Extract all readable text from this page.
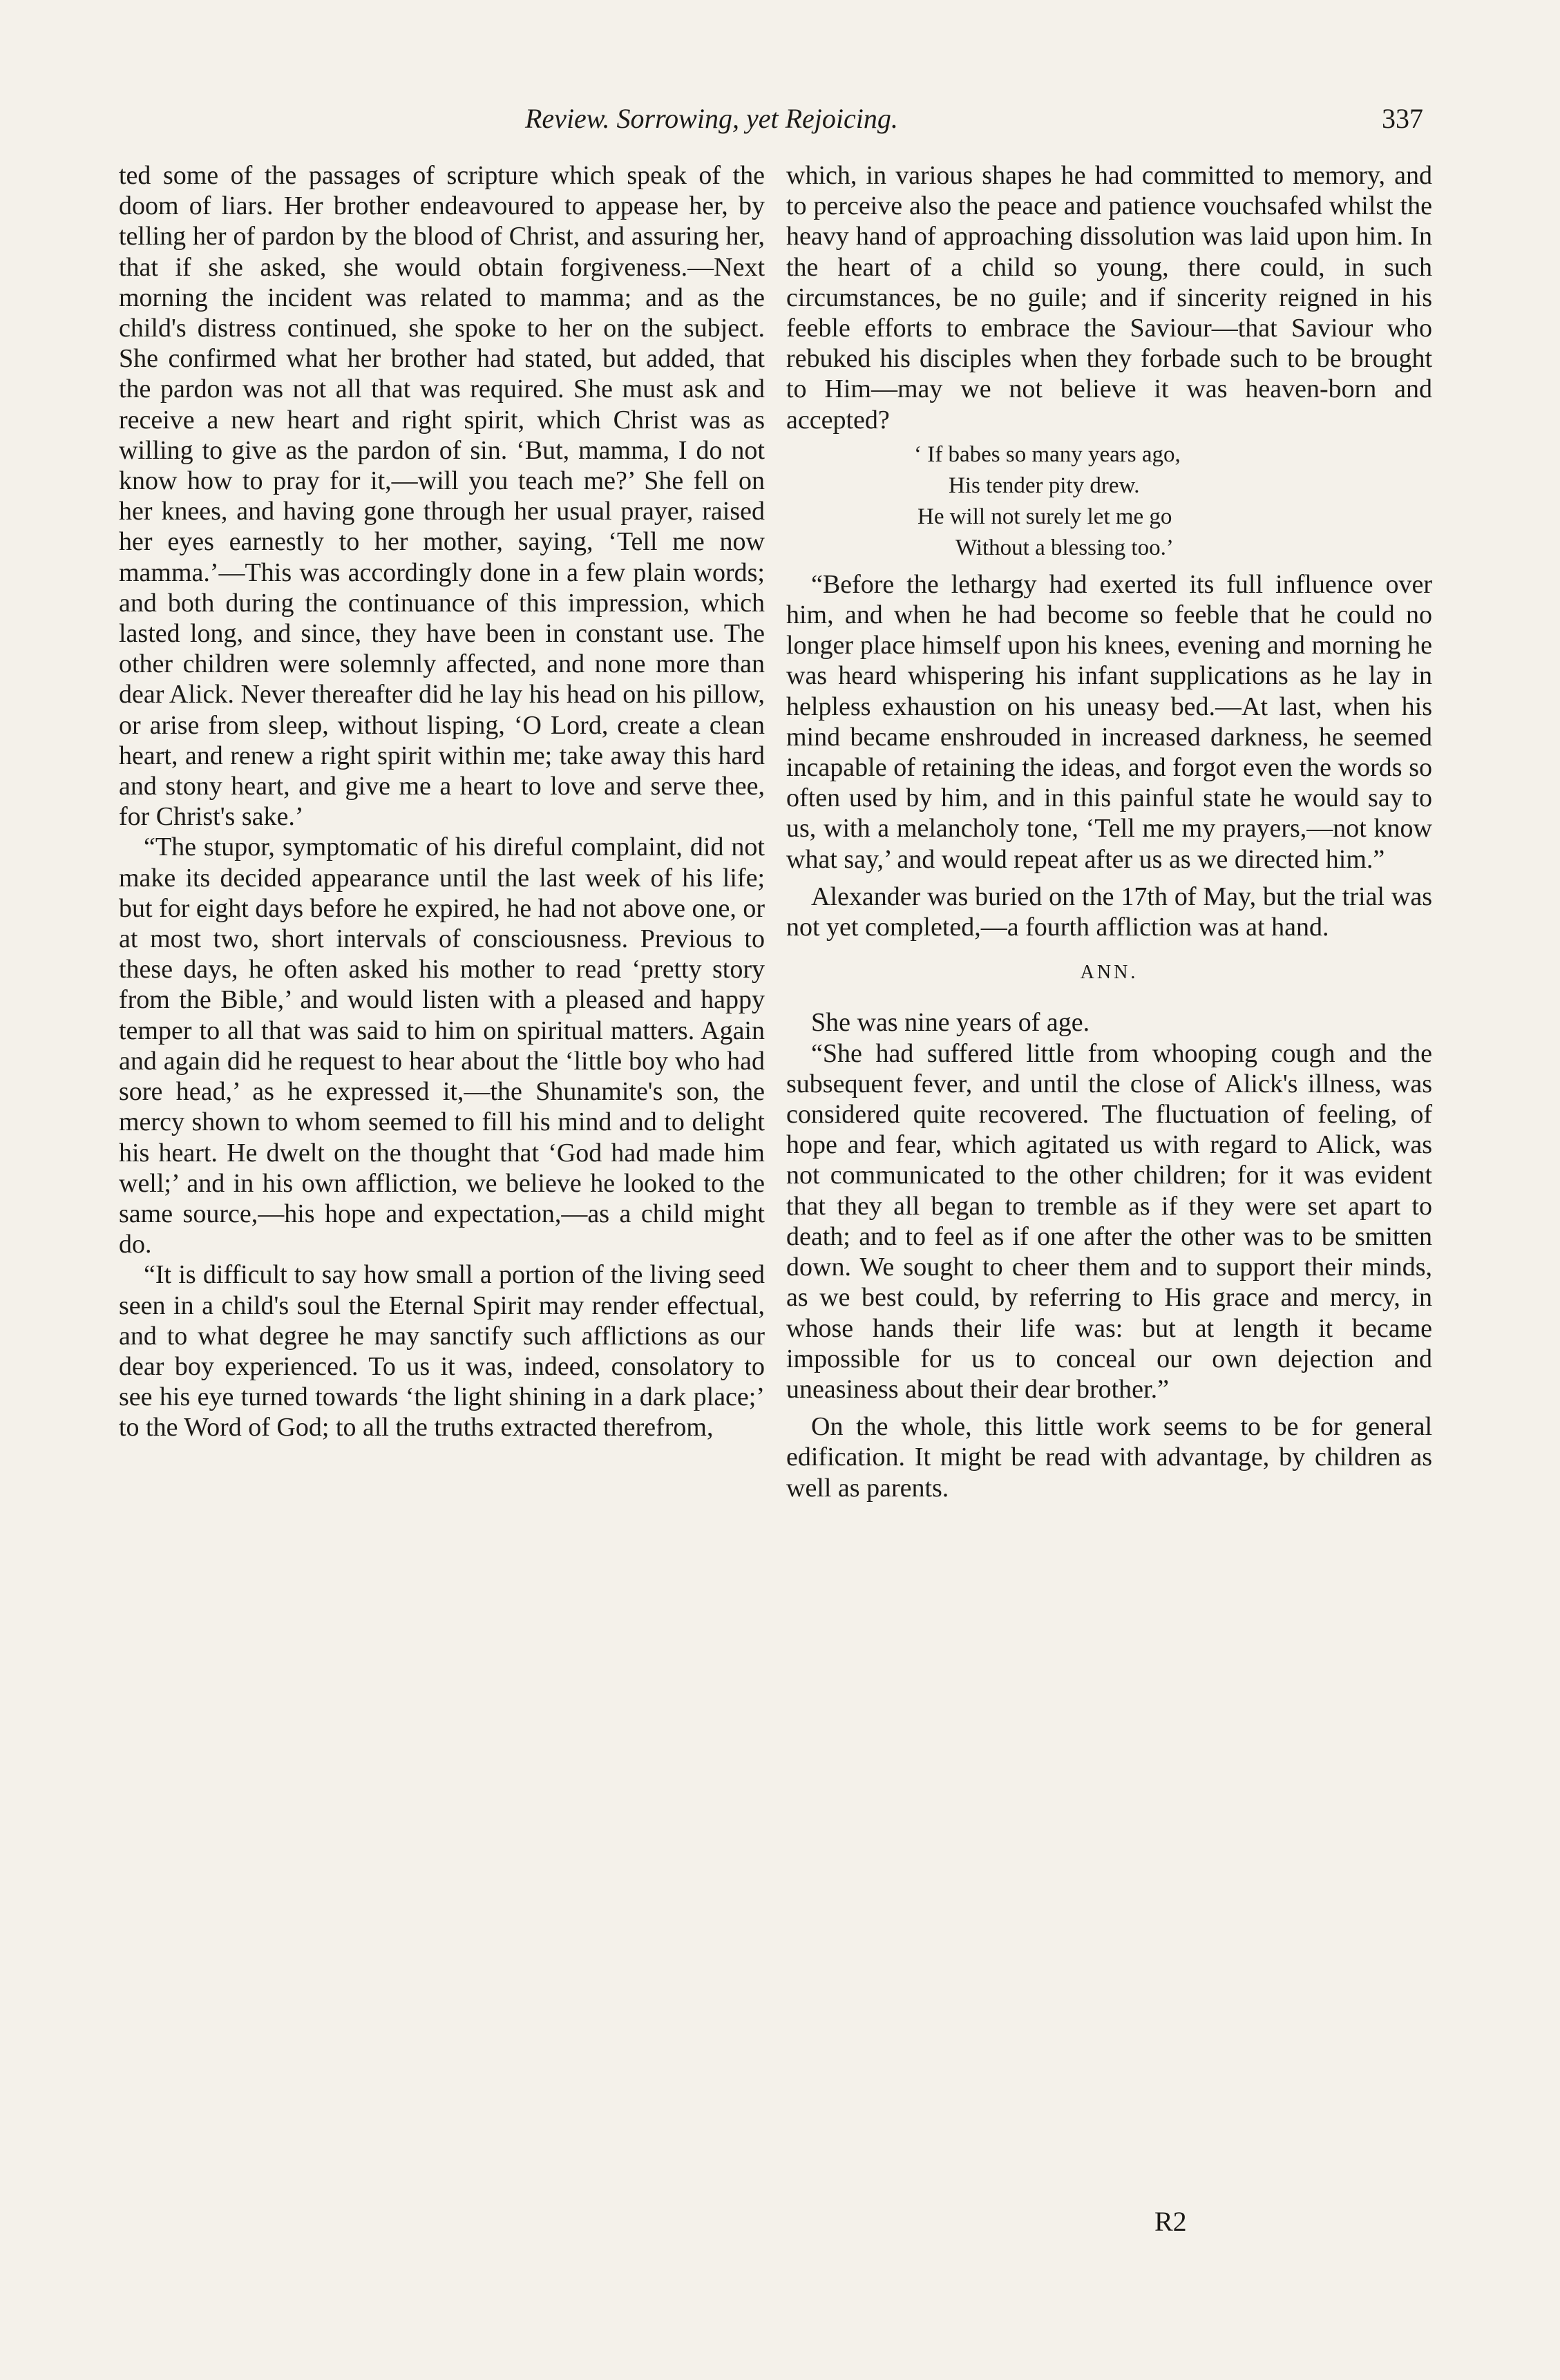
Review. Sorrowing, yet Rejoicing.	337

ted some of the passages of scripture which speak of the doom of liars. Her brother endeavoured to appease her, by telling her of pardon by the blood of Christ, and assuring her, that if she asked, she would obtain forgiveness.—Next morning the incident was related to mamma; and as the child's distress continued, she spoke to her on the subject. She confirmed what her brother had stated, but added, that the pardon was not all that was required. She must ask and receive a new heart and right spirit, which Christ was as willing to give as the pardon of sin. ‘But, mamma, I do not know how to pray for it,—will you teach me?’ She fell on her knees, and having gone through her usual prayer, raised her eyes earnestly to her mother, saying, ‘Tell me now mamma.’—This was accordingly done in a few plain words; and both during the continuance of this impression, which lasted long, and since, they have been in constant use. The other children were solemnly affected, and none more than dear Alick. Never thereafter did he lay his head on his pillow, or arise from sleep, without lisping, ‘O Lord, create a clean heart, and renew a right spirit within me; take away this hard and stony heart, and give me a heart to love and serve thee, for Christ's sake.’

“The stupor, symptomatic of his direful complaint, did not make its decided appearance until the last week of his life; but for eight days before he expired, he had not above one, or at most two, short intervals of consciousness. Previous to these days, he often asked his mother to read ‘pretty story from the Bible,’ and would listen with a pleased and happy temper to all that was said to him on spiritual matters. Again and again did he request to hear about the ‘little boy who had sore head,’ as he expressed it,—the Shunamite's son, the mercy shown to whom seemed to fill his mind and to delight his heart. He dwelt on the thought that ‘God had made him well;’ and in his own affliction, we believe he looked to the same source,—his hope and expectation,—as a child might do.

“It is difficult to say how small a portion of the living seed seen in a child's soul the Eternal Spirit may render effectual, and to what degree he may sanctify such afflictions as our dear boy experienced. To us it was, indeed, consolatory to see his eye turned towards ‘the light shining in a dark place;’ to the Word of God; to all the truths extracted therefrom,

which, in various shapes he had committed to memory, and to perceive also the peace and patience vouchsafed whilst the heavy hand of approaching dissolution was laid upon him. In the heart of a child so young, there could, in such circumstances, be no guile; and if sincerity reigned in his feeble efforts to embrace the Saviour—that Saviour who rebuked his disciples when they forbade such to be brought to Him—may we not believe it was heaven-born and accepted?

‘ If babes so many years ago,
His tender pity drew.
He will not surely let me go
Without a blessing too.’

“Before the lethargy had exerted its full influence over him, and when he had become so feeble that he could no longer place himself upon his knees, evening and morning he was heard whispering his infant supplications as he lay in helpless exhaustion on his uneasy bed.—At last, when his mind became enshrouded in increased darkness, he seemed incapable of retaining the ideas, and forgot even the words so often used by him, and in this painful state he would say to us, with a melancholy tone, ‘Tell me my prayers,—not know what say,’ and would repeat after us as we directed him.”

Alexander was buried on the 17th of May, but the trial was not yet completed,—a fourth affliction was at hand.

ANN.

She was nine years of age.

“She had suffered little from whooping cough and the subsequent fever, and until the close of Alick's illness, was considered quite recovered. The fluctuation of feeling, of hope and fear, which agitated us with regard to Alick, was not communicated to the other children; for it was evident that they all began to tremble as if they were set apart to death; and to feel as if one after the other was to be smitten down. We sought to cheer them and to support their minds, as we best could, by referring to His grace and mercy, in whose hands their life was: but at length it became impossible for us to conceal our own dejection and uneasiness about their dear brother.”

On the whole, this little work seems to be for general edification. It might be read with advantage, by children as well as parents.

R2
